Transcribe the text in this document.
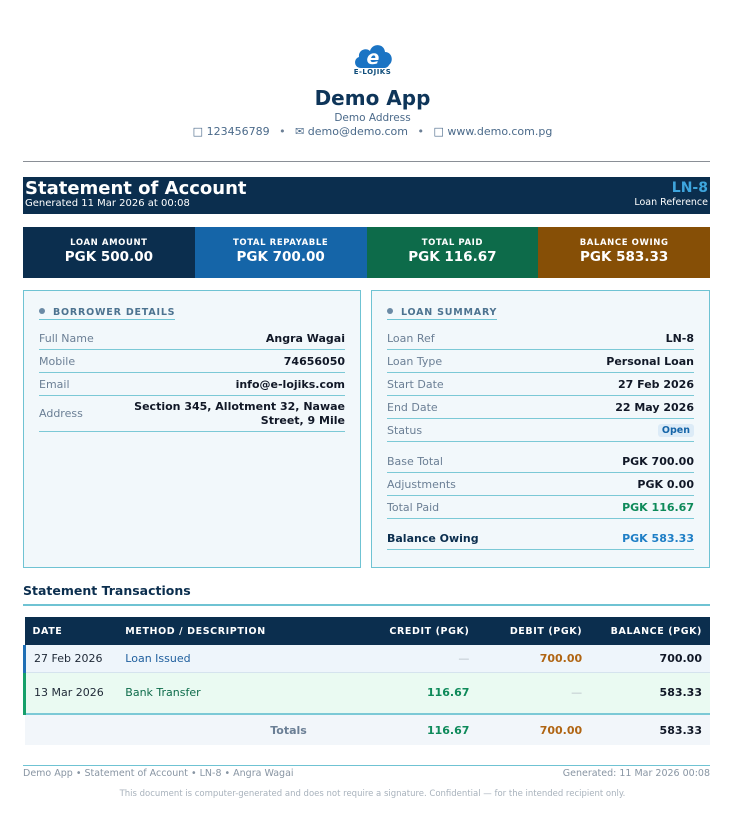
e
E-LOJIKS
Demo App
Demo Address
□ 123456789 • ✉ demo@demo.com • □ www.demo.com.pg
Statement of Account
Generated 11 Mar 2026 at 00:08
LN-8
Loan Reference
LOAN AMOUNT
PGK 500.00
TOTAL REPAYABLE
PGK 700.00
TOTAL PAID
PGK 116.67
BALANCE OWING
PGK 583.33
BORROWER DETAILS
Full Name	Angra Wagai
Mobile	74656050
Email	info@e-lojiks.com
Address
Section 345, Allotment 32, Nawae Street, 9 Mile
LOAN SUMMARY
Loan Ref	LN-8
Loan Type	Personal Loan
Start Date	27 Feb 2026
End Date	22 May 2026
Status	Open
Base Total	PGK 700.00
Adjustments	PGK 0.00
Total Paid	PGK 116.67
Balance Owing	PGK 583.33
Statement Transactions
DATE	METHOD / DESCRIPTION	CREDIT (PGK)	DEBIT (PGK)	BALANCE (PGK)
27 Feb 2026	Loan Issued	—	700.00	700.00
13 Mar 2026	Bank Transfer	116.67	—	583.33
	Totals	116.67	700.00	583.33
Demo App • Statement of Account • LN-8 • Angra Wagai	Generated: 11 Mar 2026 00:08
This document is computer-generated and does not require a signature. Confidential — for the intended recipient only.
